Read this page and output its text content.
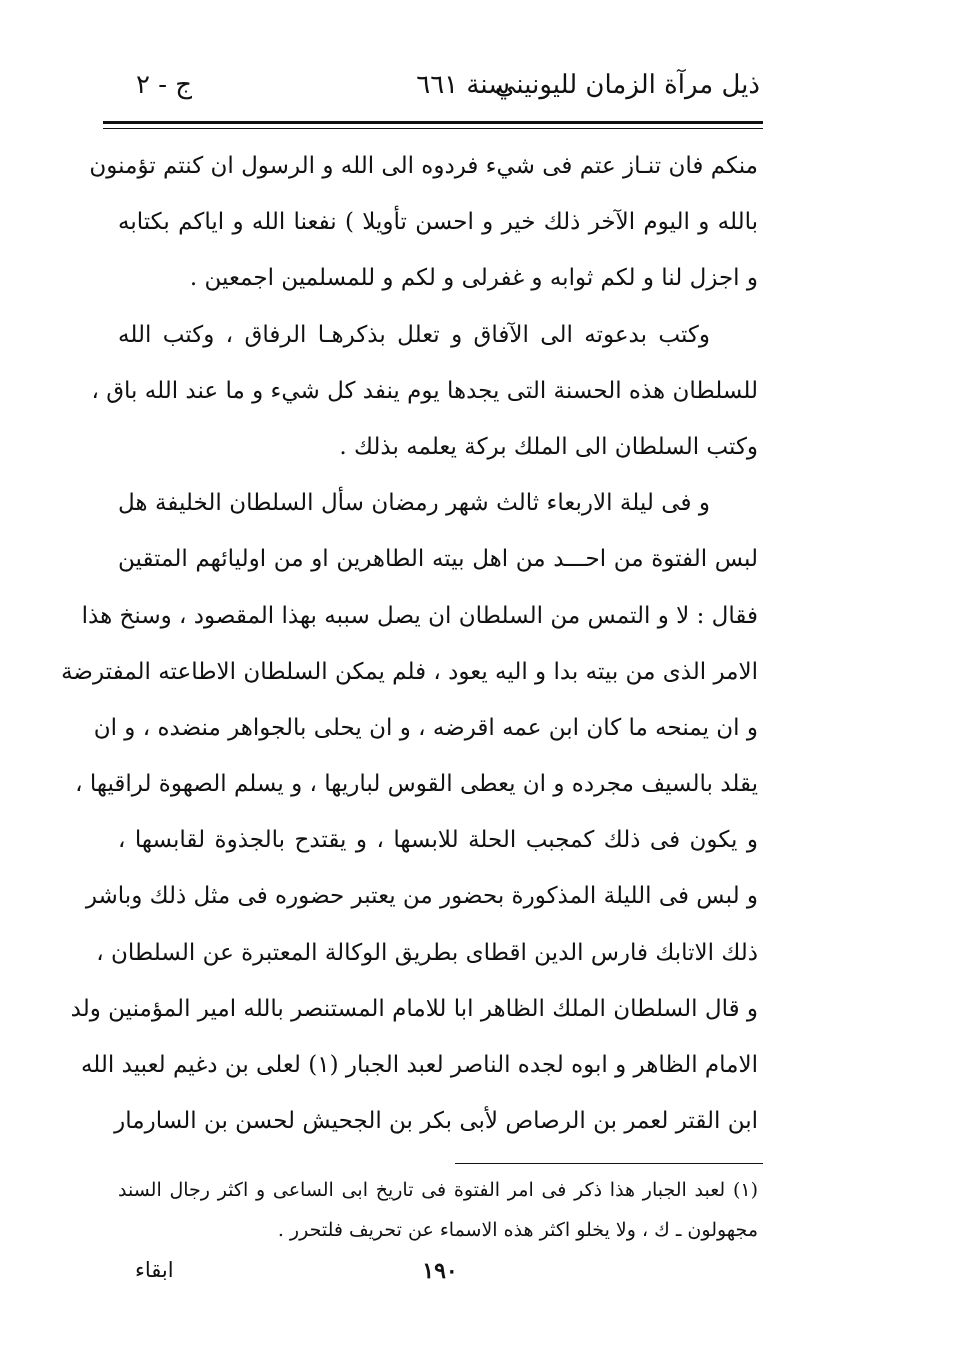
ذيل مرآة الزمان لليونيني
سنة ٦٦١
ج - ٢
منكم فان تنـاز عتم فى شيء فردوه الى الله و الرسول ان كنتم تؤمنون
بالله و اليوم الآخر ذلك خير و احسن تأويلا ) نفعنا الله و اياكم بكتابه
و اجزل لنا و لكم ثوابه و غفرلى و لكم و للمسلمين اجمعين .
وكتب بدعوته الى الآفاق و تعلل بذكرهـا الرفاق ، وكتب الله
للسلطان هذه الحسنة التى يجدها يوم ينفد كل شيء و ما عند الله باق ،
وكتب السلطان الى الملك بركة يعلمه بذلك .
و فى ليلة الاربعاء ثالث شهر رمضان سأل السلطان الخليفة هل
لبس الفتوة من احـــد من اهل بيته الطاهرين او من اوليائهم المتقين
فقال : لا و التمس من السلطان ان يصل سببه بهذا المقصود ، وسنخ هذا
الامر الذى من بيته بدا و اليه يعود ، فلم يمكن السلطان الاطاعته المفترضة
و ان يمنحه ما كان ابن عمه اقرضه ، و ان يحلى بالجواهر منضده ، و ان
يقلد بالسيف مجرده و ان يعطى القوس لباريها ، و يسلم الصهوة لراقيها ،
و يكون فى ذلك كمجبب الحلة للابسها ، و يقتدح بالجذوة لقابسها ،
و لبس فى الليلة المذكورة بحضور من يعتبر حضوره فى مثل ذلك وباشر
ذلك الاتابك فارس الدين اقطاى بطريق الوكالة المعتبرة عن السلطان ،
و قال السلطان الملك الظاهر ابا للامام المستنصر بالله امير المؤمنين ولد
الامام الظاهر و ابوه لجده الناصر لعبد الجبار (١) لعلى بن دغيم لعبيد الله
ابن القتر لعمر بن الرصاص لأبى بكر بن الجحيش لحسن بن السارمار
(١) لعبد الجبار هذا ذكر فى امر الفتوة فى تاريخ ابى الساعى و اكثر رجال السند
مجهولون ـ ك ، ولا يخلو اكثر هذه الاسماء عن تحريف فلتحرر .
١٩٠
ابقاء
